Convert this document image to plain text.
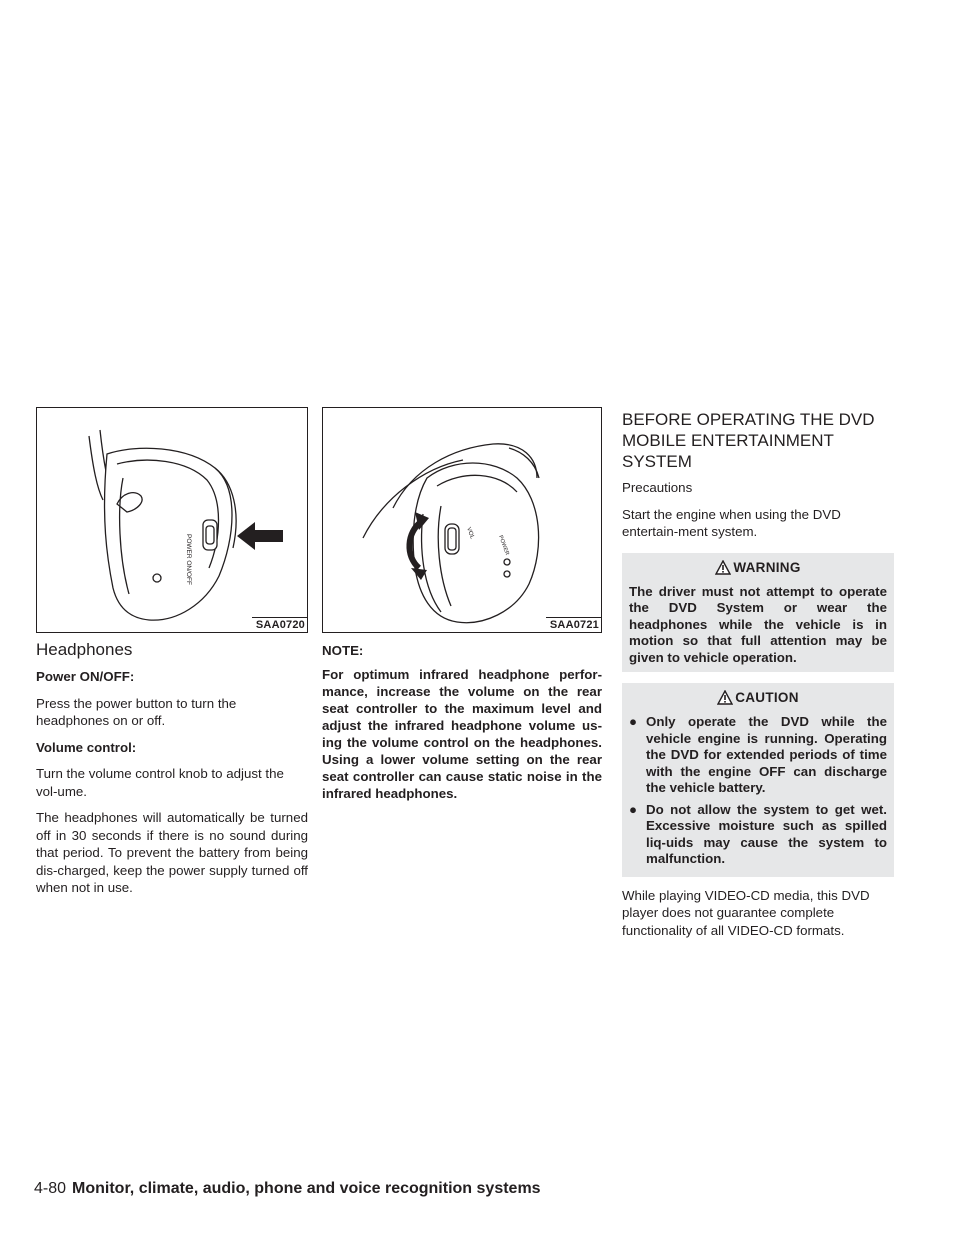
POWER ON/OFF
SAA0720
VOL
POWER
SAA0721
Headphones

Power ON/OFF:

Press the power button to turn the headphones on or off.

Volume control:

Turn the volume control knob to adjust the vol-ume.

The headphones will automatically be turned off in 30 seconds if there is no sound during that period. To prevent the battery from being dis-charged, keep the power supply turned off when not in use.

NOTE:

For optimum infrared headphone perfor-mance, increase the volume on the rear seat controller to the maximum level and adjust the infrared headphone volume us-ing the volume control on the headphones. Using a lower volume setting on the rear seat controller can cause static noise in the infrared headphones.

BEFORE OPERATING THE DVD
MOBILE ENTERTAINMENT SYSTEM

Precautions

Start the engine when using the DVD entertain-ment system.

WARNING
The driver must not attempt to operate the DVD System or wear the headphones while the vehicle is in motion so that full attention may be given to vehicle operation.
CAUTION
● Only operate the DVD while the vehicle engine is running. Operating the DVD for extended periods of time with the engine OFF can discharge the vehicle battery.
● Do not allow the system to get wet. Excessive moisture such as spilled liq-uids may cause the system to malfunction.

While playing VIDEO-CD media, this DVD player does not guarantee complete functionality of all VIDEO-CD formats.

4-80 Monitor, climate, audio, phone and voice recognition systems
